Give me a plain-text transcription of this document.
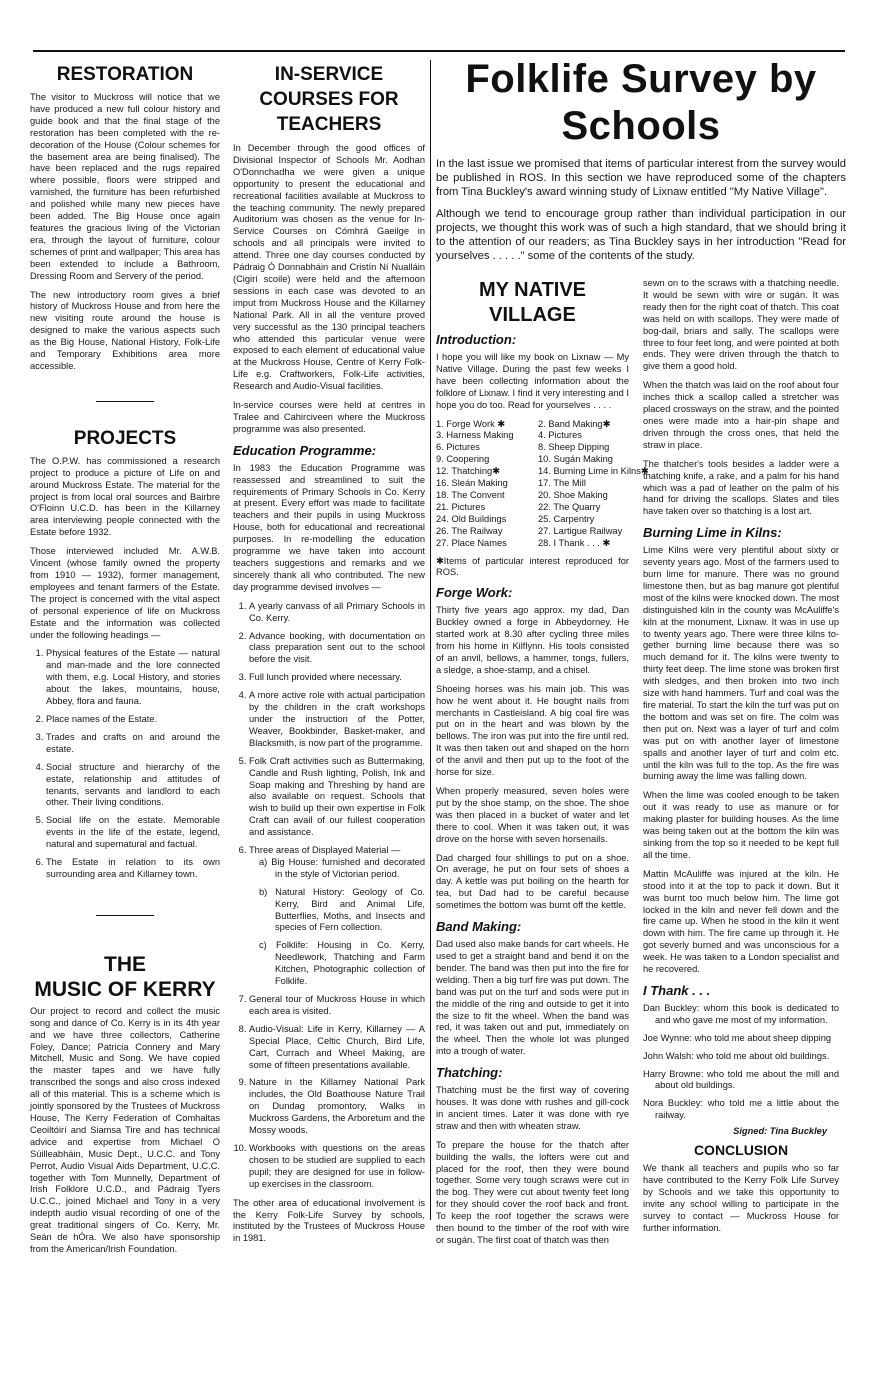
RESTORATION

The visitor to Muckross will notice that we have produced a new full colour history and guide book and that the final stage of the restoration has been completed with the re-decoration of the House (Colour schemes for the basement area are being finalised). The have been replaced and the rugs repaired where possible, floors were stripped and varnished, the furniture has been refurbished and polished while many new pieces have been added. The Big House once again features the gracious living of the Victorian era, through the layout of furniture, colour schemes of print and wallpaper; This area has been extended to include a Bathroom, Dressing Room and Servery of the period.

The new introductory room gives a brief history of Muckross House and from here the new visiting route around the house is designed to make the various aspects such as the Big House, National History, Folk-Life and Temporary Exhibitions area more accessible.

PROJECTS

The O.P.W. has commissioned a research project to produce a picture of Life on and around Muckross Estate. The material for the project is from local oral sources and Bairbre O'Floinn U.C.D. has been in the Killarney area interviewing people connected with the Estate before 1932.

Those interviewed included Mr. A.W.B. Vincent (whose family owned the property from 1910 — 1932), former management, employees and tenant farmers of the Estate. The project is concerned with the vital aspect of personal experience of life on Muckross Estate and the information was collected under the following headings —

1. Physical features of the Estate — natural and man-made and the lore connected with them, e.g. Local History, and stories about the lakes, mountains, house, Abbey, flora and fauna.
2. Place names of the Estate.
3. Trades and crafts on and around the estate.
4. Social structure and hierarchy of the estate, relationship and attitudes of tenants, servants and landlord to each other. Their living conditions.
5. Social life on the estate. Memorable events in the life of the estate, legend, natural and supernatural and factual.
6. The Estate in relation to its own surrounding area and Killarney town.
THE
MUSIC OF KERRY

Our project to record and collect the music song and dance of Co. Kerry is in its 4th year and we have three collectors, Catherine Foley, Dance; Patricia Connery and Mary Mitchell, Music and Song. We have copied the master tapes and we have fully transcribed the songs and also cross indexed all of this material. This is a scheme which is jointly sponsored by the Trustees of Muckross House, The Kerry Federation of Comhaltas Ceoiltóirí and Siamsa Tire and has technical advice and expertise from Michael O Súilleabháin, Music Dept., U.C.C. and Tony Perrot, Audio Visual Aids Department, U.C.C. together with Tom Munnelly, Department of Irish Folklore U.C.D., and Pádraig Tyers U.C.C., joined Michael and Tony in a very indepth audio visual recording of one of the great traditional singers of Co. Kerry, Mr. Seán de hÓra. We also have sponsorship from the American/Irish Foundation.

IN-SERVICE
COURSES FOR
TEACHERS

In December through the good offices of Divisional Inspector of Schools Mr. Aodhan O'Donnchadha we were given a unique opportunity to present the educational and recreational facilities available at Muckross to the teaching community. The newly prepared Auditorium was chosen as the venue for In-Service Courses on Cómhrá Gaeilge in schools and all principals were invited to attend. Three one day courses conducted by Pádraig Ó Donnabháin and Cristín Ní Nualláin (Cigirí scoile) were held and the afternoon sessions in each case was devoted to an imput from Muckross House and the Killarney National Park. All in all the venture proved very successful as the 130 principal teachers who attended this particular venue were exposed to each element of educational value at the Muckross House, Centre of Kerry Folk-Life e.g. Craftworkers, Folk-Life activities, Research and Audio-Visual facilities.

In-service courses were held at centres in Tralee and Cahirciveen where the Muckross programme was also presented.

Education Programme:

In 1983 the Education Programme was reassessed and streamlined to suit the requirements of Primary Schools in Co. Kerry at present. Every effort was made to facilitate teachers and their pupils in using Muckross House, both for educational and recreational purposes. In re-modelling the education programme we have taken into account teachers suggestions and remarks and we sincerely thank all who contributed. The new day programme devised involves —

1. A yearly canvass of all Primary Schools in Co. Kerry.
2. Advance booking, with documentation on class preparation sent out to the school before the visit.
3. Full lunch provided where necessary.
4. A more active role with actual participation by the children in the craft workshops under the instruction of the Potter, Weaver, Bookbinder, Basket-maker, and Blacksmith, is now part of the programme.
5. Folk Craft activities such as Buttermaking, Candle and Rush lighting, Polish, Ink and Soap making and Threshing by hand are also available on request. Schools that wish to build up their own expertise in Folk Craft can avail of our fullest cooperation and assistance.
6. Three areas of Displayed Material —
a) Big House: furnished and decorated in the style of Victorian period.
b) Natural History: Geology of Co. Kerry, Bird and Animal Life, Butterflies, Moths, and Insects and species of Fern collection.
c) Folklife: Housing in Co. Kerry, Needlework, Thatching and Farm Kitchen, Photographic collection of Folklife.
7. General tour of Muckross House in which each area is visited.
8. Audio-Visual: Life in Kerry, Killarney — A Special Place, Celtic Church, Bird Life, Cart, Currach and Wheel Making, are some of fifteen presentations available.
9. Nature in the Killarney National Park includes, the Old Boathouse Nature Trail on Dundag promontory, Walks in Muckross Gardens, the Arboretum and the Mossy woods.
10. Workbooks with questions on the areas chosen to be studied are supplied to each pupil; they are designed for use in follow-up exercises in the classroom.

The other area of educational involvement is the Kerry Folk-Life Survey by schools, instituted by the Trustees of Muckross House in 1981.

Folklife Survey by
Schools

In the last issue we promised that items of particular interest from the survey would be published in ROS. In this section we have reproduced some of the chapters from Tina Buckley's award winning study of Lixnaw entitled "My Native Village".

Although we tend to encourage group rather than individual participation in our projects, we thought this work was of such a high standard, that we should bring it to the attention of our readers; as Tina Buckley says in her introduction "Read for yourselves . . . . ." some of the contents of the study.

MY NATIVE
VILLAGE
Introduction:

I hope you will like my book on Lixnaw — My Native Village. During the past few weeks I have been collecting information about the folklore of Lixnaw. I find it very interesting and I hope you do too. Read for yourselves . . . .

1. Forge Work ✱	2. Band Making✱
3. Harness Making	4. Pictures
6. Pictures	8. Sheep Dipping
9. Coopering	10. Sugán Making
12. Thatching✱	14. Burning Lime in Kilns✱
16. Sleán Making	17. The Mill
18. The Convent	20. Shoe Making
21. Pictures	22. The Quarry
24. Old Buildings	25. Carpentry
26. The Railway	27. Lartigue Railway
27. Place Names	28. I Thank . . . ✱

✱Items of particular interest reproduced for ROS.

Forge Work:

Thirty five years ago approx. my dad, Dan Buckley owned a forge in Abbeydorney. He started work at 8.30 after cycling three miles from his home in Kilflynn. His tools consisted of an anvil, bellows, a hammer, tongs, fullers, a sledge, a shoe-stamp, and a chisel.

Shoeing horses was his main job. This was how he went about it. He bought nails from merchants in Castleisland. A big coal fire was put on in the heart and was blown by the bellows. The iron was put into the fire until red. It was then taken out and shaped on the horn of the anvil and then put up to the foot of the horse for size.

When properly measured, seven holes were put by the shoe stamp, on the shoe. The shoe was then placed in a bucket of water and let there to cool. When it was taken out, it was drove on the horse with seven horsenails.

Dad charged four shillings to put on a shoe. On average, he put on four sets of shoes a day. A kettle was put boiling on the hearth for tea, but Dad had to be careful because sometimes the bottom was burnt off the kettle.

Band Making:

Dad used also make bands for cart wheels. He used to get a straight band and bend it on the bender. The band was then put into the fire for welding. Then a big turf fire was put down. The band was put on the turf and sods were put in the middle of the ring and outside to get it into the size to fit the wheel. When the band was red, it was taken out and put, immediately on the wheel. Then the whole lot was plunged into a trough of water.

Thatching:

Thatching must be the first way of covering houses. It was done with rushes and gill-cock in ancient times. Later it was done with rye straw and then with wheaten straw.

To prepare the house for the thatch after building the walls, the lofters were cut and placed for the roof, then they were bound together. Some very tough scraws were cut in the bog. They were cut about twenty feet long for they should cover the roof back and front. To keep the roof together the scraws were then bound to the timber of the roof with wire or sugán. The first coat of thatch was then

sewn on to the scraws with a thatching needle. It would be sewn with wire or sugán. It was ready then for the right coat of thatch. This coat was held on with scallops. They were made of bog-dail, briars and sally. The scallops were three to four feet long, and were pointed at both ends. They were driven through the thatch to give them a good hold.

When the thatch was laid on the roof about four inches thick a scallop called a stretcher was placed crossways on the straw, and the pointed ones were made into a hair-pin shape and driven through the cross ones, that held the straw in place.

The thatcher's tools besides a ladder were a thatching knife, a rake, and a palm for his hand which was a pad of leather on the palm of his hand for driving the scallops. Slates and tiles have taken over so thatching is a lost art.

Burning Lime in Kilns:

Lime Kilns were very plentiful about sixty or seventy years ago. Most of the farmers used to burn lime for manure. There was no ground limestone then, but as bag manure got plentiful most of the kilns were knocked down. The most distinguished kiln in the county was McAuliffe's kiln at the monument, Lixnaw. It was in use up to twenty years ago. There were three kilns to-gether burning lime because there was so much demand for it. The kilns were twenty to thirty feet deep. The lime stone was broken first with sledges, and then broken into two inch size with hand hammers. Turf and coal was the fire material. To start the kiln the turf was put on the bottom and was set on fire. The colm was then put on. Next was a layer of turf and colm was put on with another layer of limestone spalls and another layer of turf and colm etc. until the kiln was full to the top. As the fire was burning away the lime was falling down.

When the lime was cooled enough to be taken out it was ready to use as manure or for making plaster for building houses. As the lime was being taken out at the bottom the kiln was sinking from the top so it needed to be kept full all the time.

Mattin McAuliffe was injured at the kiln. He stood into it at the top to pack it down. But it was burnt too much below him. The lime got locked in the kiln and never fell down and the fire came up. When he stood in the kiln it went down with him. The fire came up through it. He got severly burned and was unconscious for a week. He was taken to a London specialist and he recovered.

I Thank . . .

Dan Buckley: whom this book is dedicated to and who gave me most of my information.

Joe Wynne: who told me about sheep dipping

John Walsh: who told me about old buildings.

Harry Browne: who told me about the mill and about old buildings.

Nora Buckley: who told me a little about the railway.

Signed: Tina Buckley

CONCLUSION

We thank all teachers and pupils who so far have contributed to the Kerry Folk Life Survey by Schools and we take this opportunity to invite any school willing to participate in the survey to contact — Muckross House for further information.
